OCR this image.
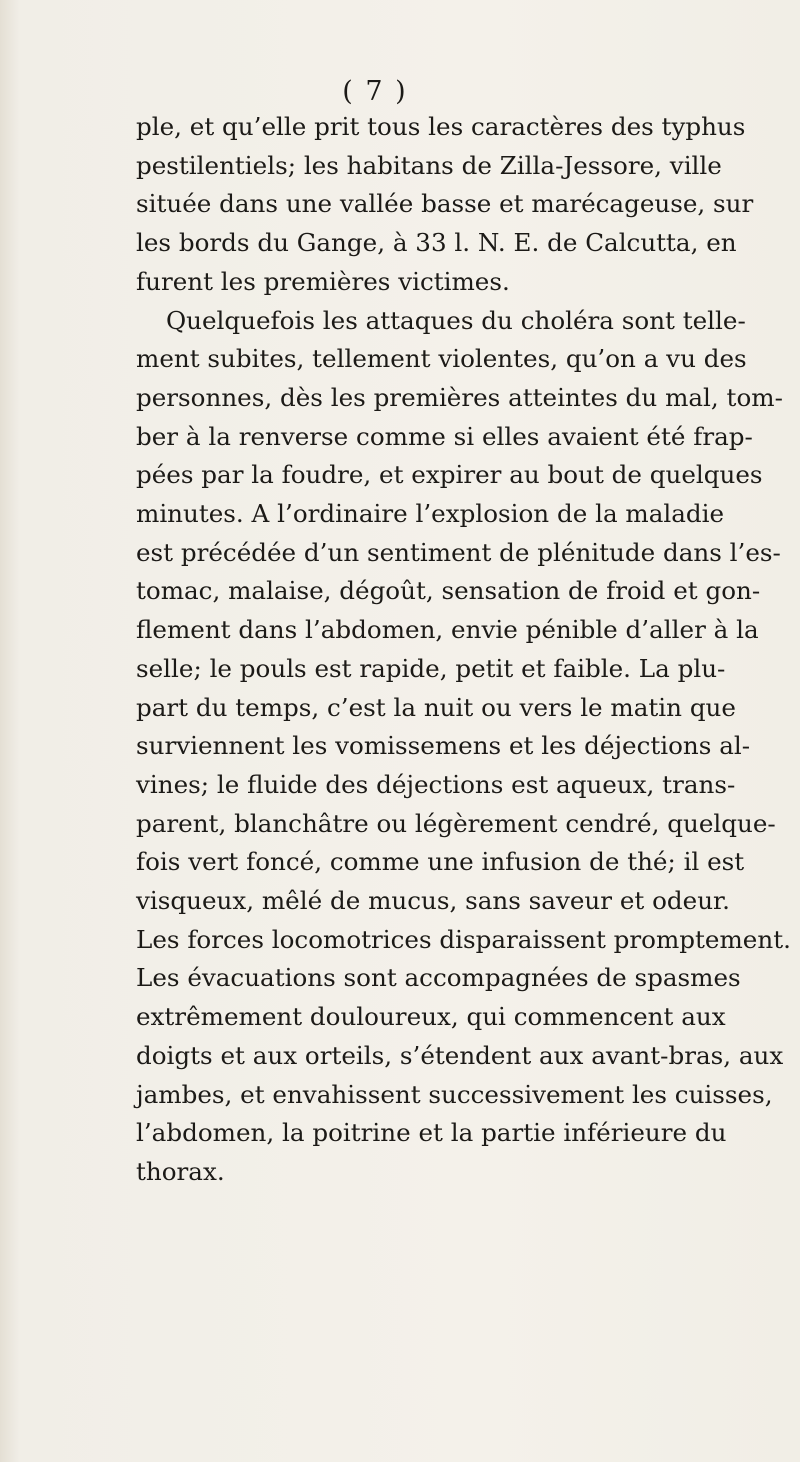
( 7 )
ple, et qu’elle prit tous les caractères des typhus
pestilentiels; les habitans de Zilla-Jessore, ville
située dans une vallée basse et marécageuse, sur
les bords du Gange, à 33 l. N. E. de Calcutta, en
furent les premières victimes.
Quelquefois les attaques du choléra sont telle-
ment subites, tellement violentes, qu’on a vu des
personnes, dès les premières atteintes du mal, tom-
ber à la renverse comme si elles avaient été frap-
pées par la foudre, et expirer au bout de quelques
minutes. A l’ordinaire l’explosion de la maladie
est précédée d’un sentiment de plénitude dans l’es-
tomac, malaise, dégoût, sensation de froid et gon-
flement dans l’abdomen, envie pénible d’aller à la
selle; le pouls est rapide, petit et faible. La plu-
part du temps, c’est la nuit ou vers le matin que
surviennent les vomissemens et les déjections al-
vines; le fluide des déjections est aqueux, trans-
parent, blanchâtre ou légèrement cendré, quelque-
fois vert foncé, comme une infusion de thé; il est
visqueux, mêlé de mucus, sans saveur et odeur.
Les forces locomotrices disparaissent promptement.
Les évacuations sont accompagnées de spasmes
extrêmement douloureux, qui commencent aux
doigts et aux orteils, s’étendent aux avant-bras, aux
jambes, et envahissent successivement les cuisses,
l’abdomen, la poitrine et la partie inférieure du
thorax.
